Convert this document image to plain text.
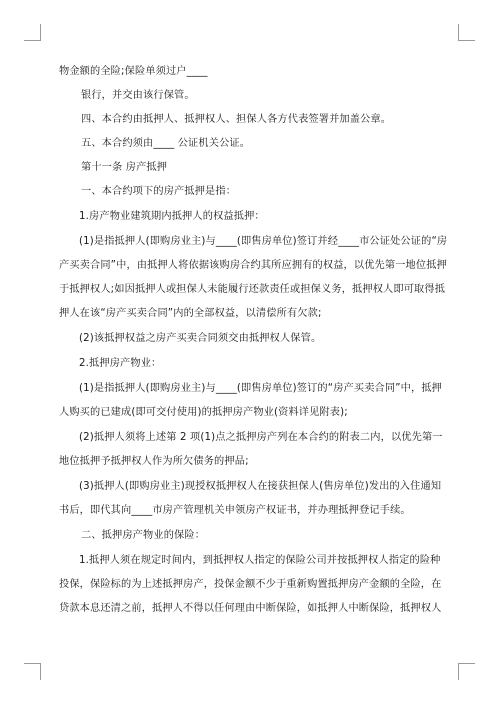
物金额的全险;保险单须过户____
银行，并交由该行保管。
四、本合约由抵押人、抵押权人、担保人各方代表签署并加盖公章。
五、本合约须由____ 公证机关公证。
第十一条 房产抵押
一、本合约项下的房产抵押是指：
1.房产物业建筑期内抵押人的权益抵押：
(1)是指抵押人(即购房业主)与____(即售房单位)签订并经____市公证处公证的“房
产买卖合同”中，由抵押人将依据该购房合约其所应拥有的权益，以优先第一地位抵押
于抵押权人;如因抵押人或担保人未能履行还款责任或担保义务，抵押权人即可取得抵
押人在该“房产买卖合同”内的全部权益，以清偿所有欠款;
(2)该抵押权益之房产买卖合同须交由抵押权人保管。
2.抵押房产物业：
(1)是指抵押人(即购房业主)与____(即售房单位)签订的“房产买卖合同”中，抵押
人购买的已建成(即可交付使用)的抵押房产物业(资料详见附表);
(2)抵押人须将上述第 2 项(1)点之抵押房产列在本合约的附表二内，以优先第一
地位抵押予抵押权人作为所欠债务的押品;
(3)抵押人(即购房业主)现授权抵押权人在接获担保人(售房单位)发出的入住通知
书后，即代其向____市房产管理机关申领房产权证书，并办理抵押登记手续。
二、抵押房产物业的保险：
1.抵押人须在规定时间内，到抵押权人指定的保险公司并按抵押权人指定的险种
投保，保险标的为上述抵押房产，投保金额不少于重新购置抵押房产金额的全险，在
贷款本息还清之前，抵押人不得以任何理由中断保险，如抵押人中断保险，抵押权人
